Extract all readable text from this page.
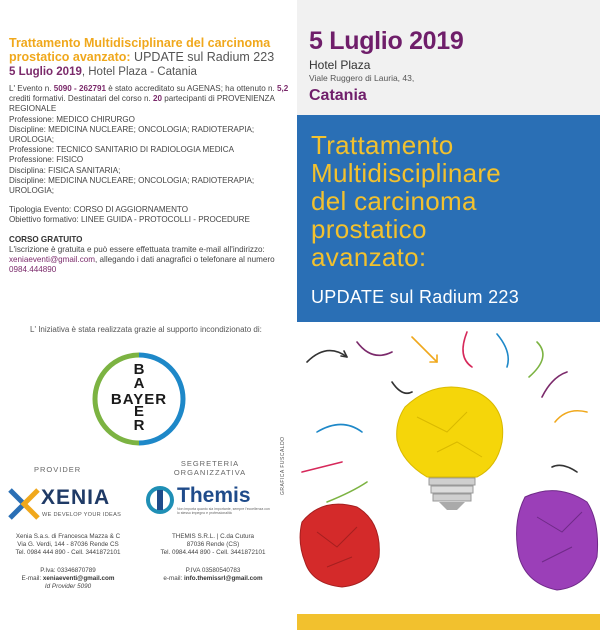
Trattamento Multidisciplinare del carcinoma prostatico avanzato: UPDATE sul Radium 223
5 Luglio 2019, Hotel Plaza - Catania

L' Evento n. 5090 - 262791 è stato accreditato su AGENAS; ha ottenuto n. 5,2 crediti formativi. Destinatari del corso n. 20 partecipanti di PROVENIENZA REGIONALE

Professione: MEDICO CHIRURGO

Discipline: MEDICINA NUCLEARE; ONCOLOGIA; RADIOTERAPIA; UROLOGIA;

Professione: TECNICO SANITARIO DI RADIOLOGIA MEDICA

Professione: FISICO

Disciplina: FISICA SANITARIA;

Discipline: MEDICINA NUCLEARE; ONCOLOGIA; RADIOTERAPIA; UROLOGIA;

Tipologia Evento: CORSO DI AGGIORNAMENTO

Obiettivo formativo: LINEE GUIDA - PROTOCOLLI - PROCEDURE

CORSO GRATUITO

L'iscrizione è gratuita e può essere effettuata tramite e-mail all'indirizzo: xeniaeventi@gmail.com, allegando i dati anagrafici o telefonare al numero 0984.444890

L' Iniziativa è stata realizzata grazie al supporto incondizionato di:
B
A
E
R
BAYER
PROVIDER
SEGRETERIA ORGANIZZATIVA
XENIA
WE DEVELOP YOUR IDEAS
Themis
Non importa quanto sia importante, sempre l'eccellenza con lo stesso impegno e professionalità
Xenia S.a.s. di Francesca Mazza & C
Via G. Verdi, 144 - 87036 Rende CS
Tel. 0984 444 890 - Cell. 3441872101
P.Iva: 03346870789
E-mail: xeniaeventi@gmail.com
Id Provider 5090
THEMIS S.R.L. | C.da Cutura
87036 Rende (CS)
Tel. 0984.444 890 - Cell. 3441872101
P.IVA 03580540783
e-mail: info.themissrl@gmail.com
GRAFICA FUSCALDO
5 Luglio 2019
Hotel Plaza
Viale Ruggero di Lauria, 43,
Catania
Trattamento
Multidisciplinare
del carcinoma
prostatico
avanzato:
UPDATE sul Radium 223
